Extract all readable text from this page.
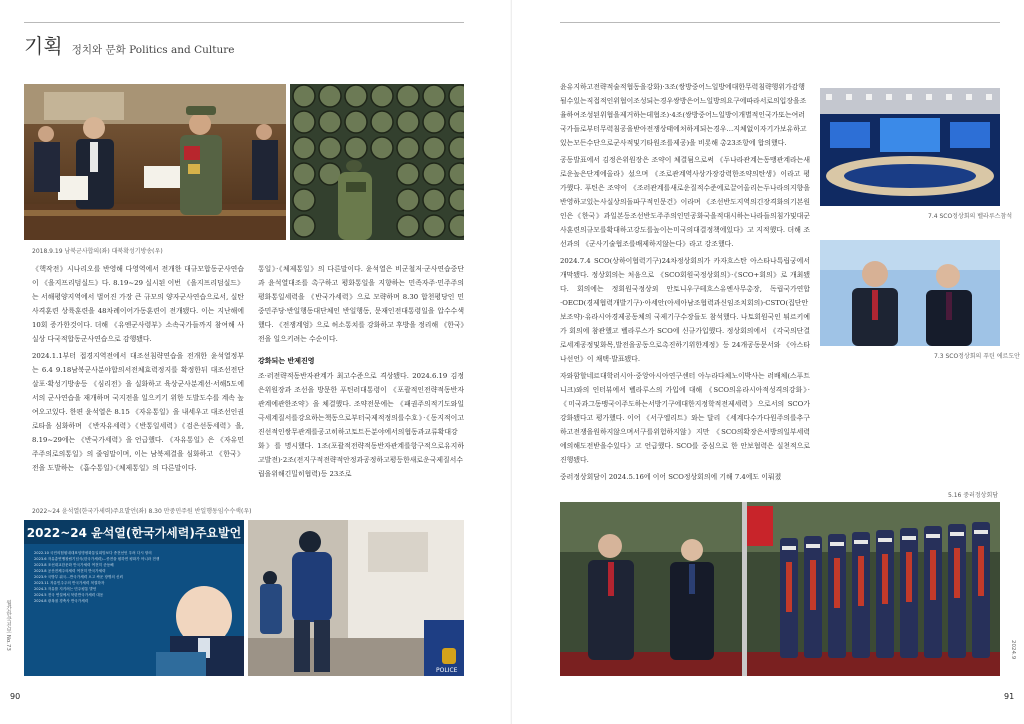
기획 정치와 문화 Politics and Culture
2018.9.19 남북군사합의(좌) 대북확성기방송(우)

《핵작전》시나리오를 반영해 다영역에서 전개한 대규모합동군사연습이 《을지프리덤실드》다. 8.19~29 실시된 이번 《을지프리덤실드》는 서해평양지역에서 벌어진 가장 큰 규모의 양자군사연습으로서, 실탄사격훈련 상륙훈련을 48차례이어가동훈련이 전개됐다. 이는 지난해에 10회 증가한것이다. 더해 《유엔군사령부》소속국가들까지 참여해 사실상 다국적합동군사연습으로 감행됐다.

2024.1.1부터 접경지역전에서 대조선침략연습을 전개한 윤석열정부는 6.4 9.18남북군사분야합의서전체효력정지를 확정한뒤 대조선전단살포·확성기방송등 《심리전》을 실화하고 육상군사분계선·서해5도에서의 군사연습을 재개하며 국지전을 일으키기 위한 도발도수를 계속 높여오고있다. 한편 윤석열은 8.15 《자유통일》을 내세우고 대조선인권로타을 심화하며 《반자유세력》《반통일세력》《검은선동세력》을, 8.19~29에는 《반국가세력》을 언급했다. 《자유통일》은 《자유민주주의로의통일》의 줄임말이며, 이는 남북제결을 심화하고 《한국》전을 도발하는 《흡수통일》·《체제통일》의 다른말이다.

통일》·《체제통일》의 다른말이다. 윤석열은 비군철저·군사연습중단과 윤석열대조를 촉구하고 평화통일을 지향하는 민족자주·민주주의평화통일세력을 《반국가세력》으로 모략하며 8.30 합천평당인 민중민주당·반일행동대단체인 반일행동, 문재인전대통령일을 압수수색했다. 《전쟁계엄》으로 허소통치를 강화하고 후방을 정리해 《한국》전을 일으키려는 수순이다.

강화되는 반제진영

조·러전략적동반자관계가 최고수준으로 격상됐다. 2024.6.19 김정은위원장과 조선을 방문한 푸틴러대통령이 《포괄적인전략적동반자관계에관한조약》을 체결했다. 조약전문에는 《패권주의적기도와일극세계질서를강요하는책동으로부터국제적정의를수호》·《동지적이고진선적인쌍무관계를공고히하고토트든분야에서의협동과교류확대강화》를 명시했다. 1조(포괄적전략적동반자관계를항구적으로유지하고발전)·2조(전지구적전략적안정과공정하고평등한새로운국제질서수립을위해긴밀히협력)등 23조로

2022~24 윤석열(한국가세력)주요발언(좌) 8.30 만중민주원 반일행동임수수색(우)
2022~24 윤석열(한국가세력)주요발언
2022.10 국민의힘원내대표임명평화통일희망보다 종전선언 우려 다시 항의
2023.6 자유총연맹창립기념식(한국가세력)…종전을 원하면 평화가 아니라 전쟁
2023.8 조선대교한문화 반국가세력 여전히 준동해
2023.8 공산전체주의세력 여전히 반국가세력
2023.9 국방부 위국…반국가세력 오고 싸운 장병의 신뢰
2023.11 자유민주주의 반국가세력 척결하자
2024.3 자유를 지키려는 민주평통 발언
2024.5 전국 연설에서 북한반국가세력 대응
2024.8 광복절 경축사 반국가세력
POLICE
월간한국진보 No.73
90

윤유지하고전략적술적협동을강화)·3조(쌍방중어느일방에대한무력침략행위가감행될수있는직접적인위협이조성되는경우쌍방은어느일방의요구에따라서로의입장을조율하여조성된위협을제거하는데협조)·4조(쌍방중어느일방이개별적인국가또는여러국가들로부터무력침공을받아전쟁상태에처하게되는경우…지체없이자기가보유하고있는모든수단으로군사적및기타원조를제공)을 비롯해 총23조항에 합의했다.

공동발표에서 김정은위원장은 조약이 체결됨으로써 《두나라관계는동맹관계라는새로운높은단계에올라》섰으며 《조로관계역사상가장강력한조약의탄생》이라고 평가했다. 푸틴은 조약이 《조러관계를새로운질적수준에로끌어올리는두나라의지향을반영하고있는사실상의돌파구적인문건》이라며 《조선반도지역의긴장격화의기본원인은《한국》과일본등조선반도주주의인민공화국을적대시하는나라들의침가및대군사훈련의규모를확대하고강도를높이는미국의대결정책에있다》고 지적했다. 더해 조선과의 《군사기술협조를배제하지않는다》라고 강조했다.

2024.7.4 SCO(상하이협력기구)24차정상회의가 카자흐스탄 아스타나특립궁에서 개막됐다. 정상회의는 처음으로 《SCO회원국정상회의》·《SCO+회의》로 개최됐다. 회의에는 정회원국정상외 안토니우구테흐스유엔사무총장, 독립국가연합·OECD(경제협력개발기구)·아세안(아세아남조협력과신임조치회의)·CSTO(집단안보조약)·유라시아경제공동체의 국제기구수장들도 참석했다. 나토회원국인 튀르키예가 회의에 참관했고 벨라루스가 SCO에 신규가입했다. 정상회의에서 《각국의단결로세계공정및화목,발전을공동으로촉진하기위한계정》등 24개공동문서와 《아스타나선언》이 채택·발표됐다.

자와함할네르대학러시아·중앙아시아연구센터 아누라다체노이박사는 러배체(스푸트니크)와의 인터뷰에서 벨라루스의 가입에 대해 《SCO의유라시아적성격의강화》·《미국과그동맹국이주도하는서방기구에대한지정학적전제세력》으로서의 SCO가 강화됐다고 평가했다. 이어 《서구엘리트》와는 달리 《세계다수가다원주의를추구하고전쟁을원하지않으며서구를위험하지않》지만 《SCO의확장은서방의일부세력에의해도전받을수있다》고 언급했다. SCO를 중심으로 한 안보협력은 실천적으로 진행됐다.

중러정상회담이 2024.5.16에 이어 SCO정상회의에 기해 7.4에도 이뤄졌

7.4 SCO정상회의 벨라루스참석
7.3 SCO정상회의 푸틴 에르도안
5.16 중러정상회담
2024.9
91
